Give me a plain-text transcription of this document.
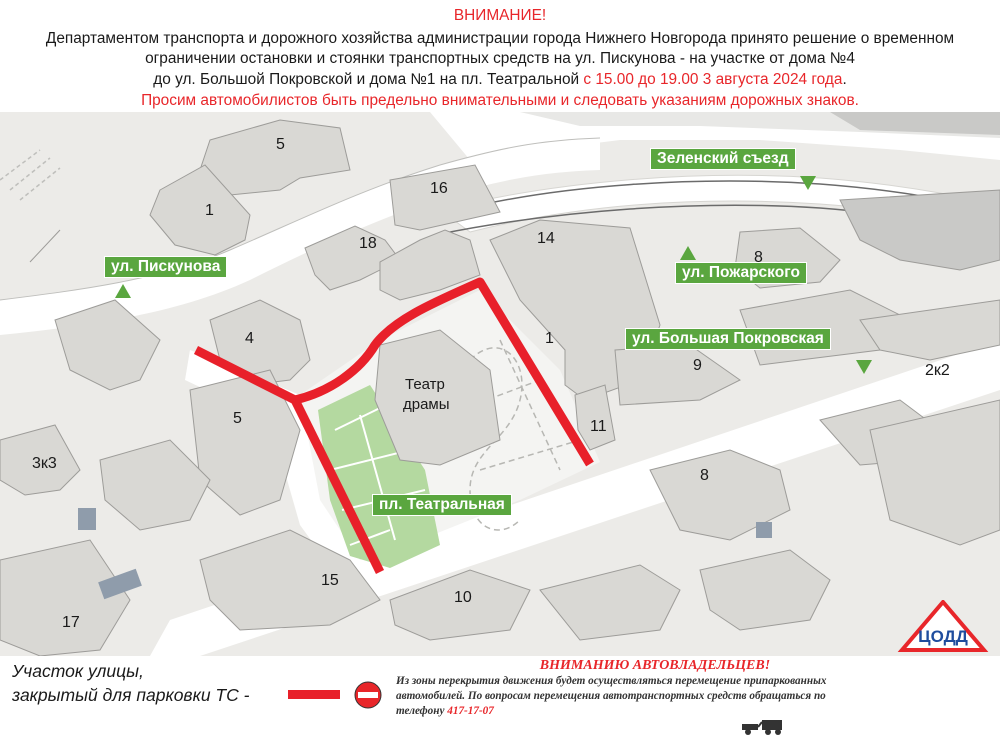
ВНИМАНИЕ!
Департаментом транспорта и дорожного хозяйства администрации города Нижнего Новгорода принято решение о временном
ограничении остановки и стоянки транспортных средств на ул. Пискунова - на участке от дома №4
до ул. Большой Покровской и дома №1 на пл. Театральной с 15.00 до 19.00 3 августа 2024 года.
Просим автомобилистов быть предельно внимательными и следовать указаниям дорожных знаков.
ул. Пискунова
Зеленский съезд
ул. Пожарского
ул. Большая Покровская
пл. Театральная
Театр
драмы
5
1
16
18	14
8
4	1
9	2к2
5	11
3к3
8
15
10
17
ЦОДД
Участок улицы,
закрытый для парковки ТС -
ВНИМАНИЮ АВТОВЛАДЕЛЬЦЕВ!
Из зоны перекрытия движения будет осуществляться перемещение припаркованных
автомобилей. По вопросам перемещения автотранспортных средств обращаться по
телефону 417-17-07
